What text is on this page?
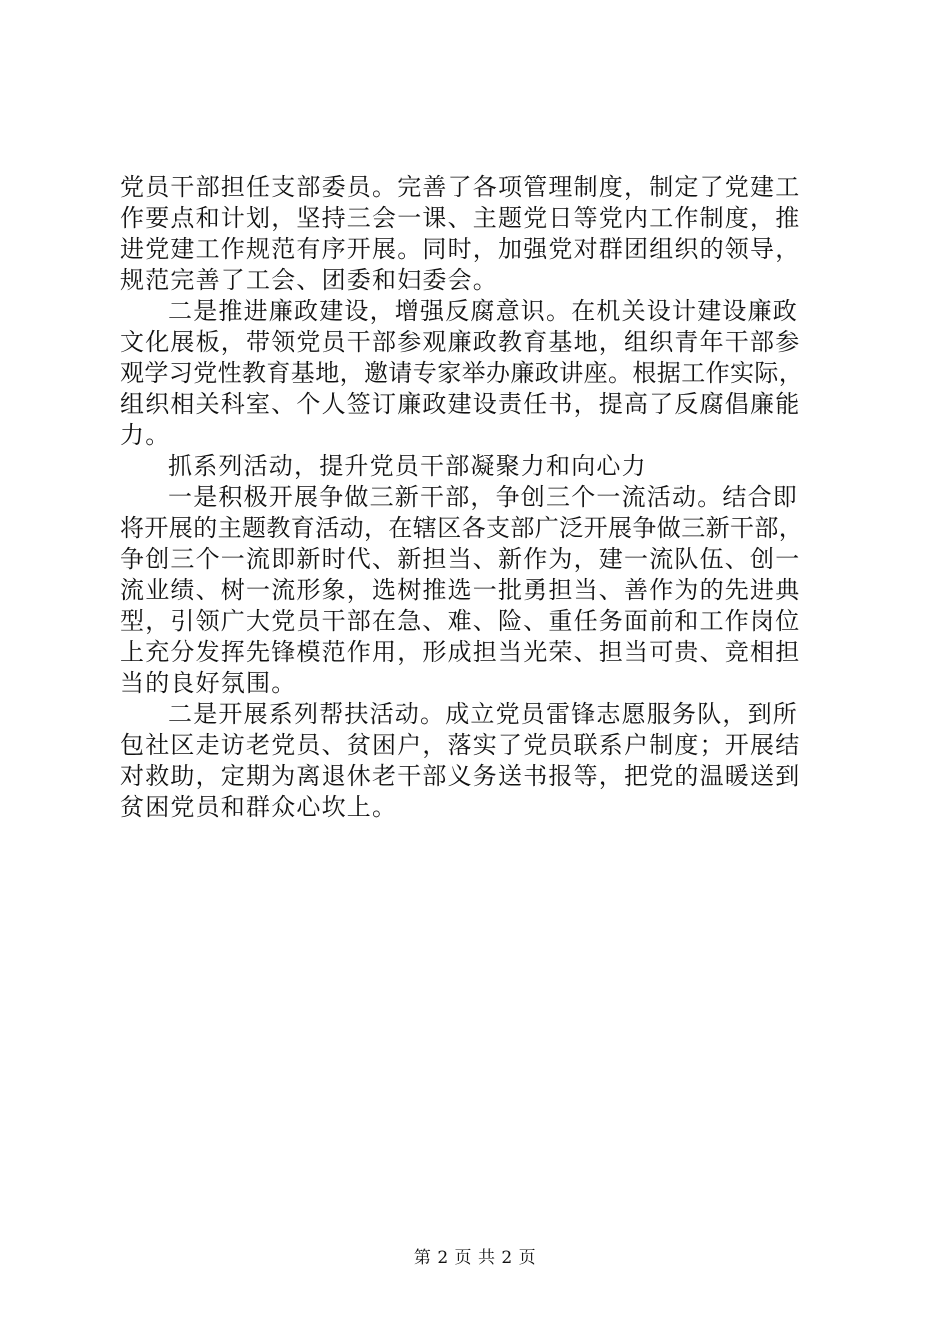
党员干部担任支部委员。完善了各项管理制度，制定了党建工
作要点和计划，坚持三会一课、主题党日等党内工作制度，推
进党建工作规范有序开展。同时，加强党对群团组织的领导，
规范完善了工会、团委和妇委会。
二是推进廉政建设，增强反腐意识。在机关设计建设廉政
文化展板，带领党员干部参观廉政教育基地，组织青年干部参
观学习党性教育基地，邀请专家举办廉政讲座。根据工作实际，
组织相关科室、个人签订廉政建设责任书，提高了反腐倡廉能
力。
抓系列活动，提升党员干部凝聚力和向心力
一是积极开展争做三新干部，争创三个一流活动。结合即
将开展的主题教育活动，在辖区各支部广泛开展争做三新干部，
争创三个一流即新时代、新担当、新作为，建一流队伍、创一
流业绩、树一流形象，选树推选一批勇担当、善作为的先进典
型，引领广大党员干部在急、难、险、重任务面前和工作岗位
上充分发挥先锋模范作用，形成担当光荣、担当可贵、竞相担
当的良好氛围。
二是开展系列帮扶活动。成立党员雷锋志愿服务队，到所
包社区走访老党员、贫困户，落实了党员联系户制度；开展结
对救助，定期为离退休老干部义务送书报等，把党的温暖送到
贫困党员和群众心坎上。
第 2 页 共 2 页
